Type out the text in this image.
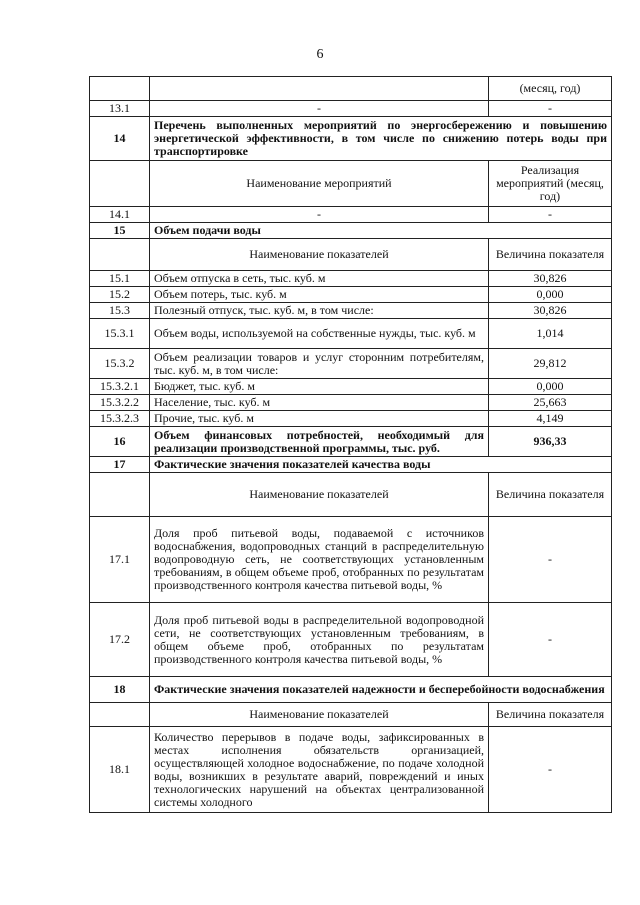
6
		(месяц, год)
13.1	-	-
14	Перечень выполненных мероприятий по энергосбережению и повышению энергетической эффективности, в том числе по снижению потерь воды при транспортировке	
	Наименование мероприятий	Реализация мероприятий (месяц, год)
14.1	-	-
15	Объем подачи воды	
	Наименование показателей	Величина показателя
15.1	Объем отпуска в сеть, тыс. куб. м	30,826
15.2	Объем потерь, тыс. куб. м	0,000
15.3	Полезный отпуск, тыс. куб. м, в том числе:	30,826
15.3.1	Объем воды, используемой на собственные нужды, тыс. куб. м	1,014
15.3.2	Объем реализации товаров и услуг сторонним потребителям, тыс. куб. м, в том числе:	29,812
15.3.2.1	Бюджет, тыс. куб. м	0,000
15.3.2.2	Население, тыс. куб. м	25,663
15.3.2.3	Прочие, тыс. куб. м	4,149
16	Объем финансовых потребностей, необходимый для реализации производственной программы, тыс. руб.	936,33
17	Фактические значения показателей качества воды	
	Наименование показателей	Величина показателя
17.1	Доля проб питьевой воды, подаваемой с источников водоснабжения, водопроводных станций в распределительную водопроводную сеть, не соответствующих установленным требованиям, в общем объеме проб, отобранных по результатам производственного контроля качества питьевой воды, %	-
17.2	Доля проб питьевой воды в распределительной водопроводной сети, не соответствующих установленным требованиям, в общем объеме проб, отобранных по результатам производственного контроля качества питьевой воды, %	-
18	Фактические значения показателей надежности и бесперебойности водоснабжения	
	Наименование показателей	Величина показателя
18.1	Количество перерывов в подаче воды, зафиксированных в местах исполнения обязательств организацией, осуществляющей холодное водоснабжение, по подаче холодной воды, возникших в результате аварий, повреждений и иных технологических нарушений на объектах централизованной системы холодного	-
